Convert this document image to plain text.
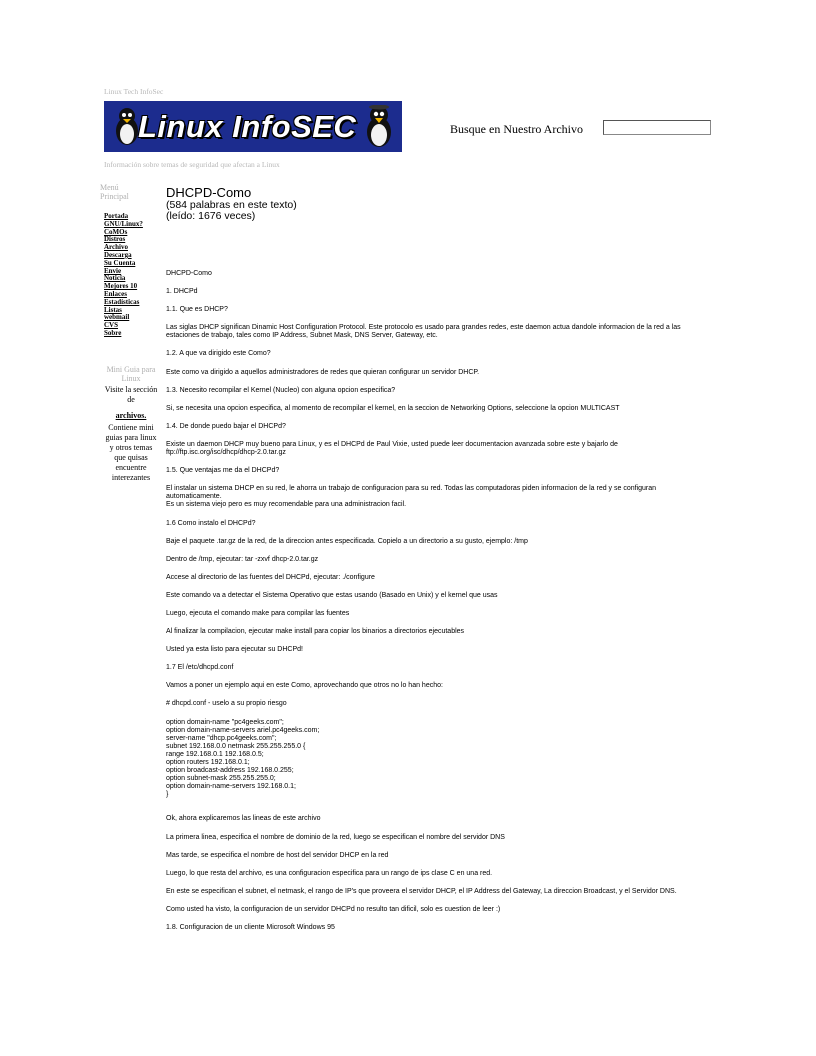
Linux Tech InfoSec
Linux InfoSEC
Información sobre temas de seguridad que afectan a Linux
Busque en Nuestro Archivo
Menú Principal
Portada
GNU/Linux?
CoMOs
Distros
Archivo
Descarga
Su Cuenta
Envie
Noticia
Mejores 10
Enlaces
Estadísticas
Listas
webmail
CVS
Sobre
Mini Guia para Linux
Visite la sección de
archivos.
Contiene mini guias para linux y otros temas que quisas encuentre interezantes
DHCPD-Como
(584 palabras en este texto)
(leído: 1676 veces)

DHCPD-Como

1. DHCPd

1.1. Que es DHCP?

Las siglas DHCP significan Dinamic Host Configuration Protocol. Este protocolo es usado para grandes redes, este daemon actua dandole informacion de la red a las estaciones de trabajo, tales como IP Address, Subnet Mask, DNS Server, Gateway, etc.

1.2. A que va dirigido este Como?

Este como va dirigido a aquellos administradores de redes que quieran configurar un servidor DHCP.

1.3. Necesito recompilar el Kernel (Nucleo) con alguna opcion especifica?

Si, se necesita una opcion especifica, al momento de recompilar el kernel, en la seccion de Networking Options, seleccione la opcion MULTICAST

1.4. De donde puedo bajar el DHCPd?

Existe un daemon DHCP muy bueno para Linux, y es el DHCPd de Paul Vixie, usted puede leer documentacion avanzada sobre este y bajarlo de ftp://ftp.isc.org/isc/dhcp/dhcp-2.0.tar.gz

1.5. Que ventajas me da el DHCPd?

El instalar un sistema DHCP en su red, le ahorra un trabajo de configuracion para su red. Todas las computadoras piden informacion de la red y se configuran automaticamente.
Es un sistema viejo pero es muy recomendable para una administracion facil.

1.6 Como instalo el DHCPd?

Baje el paquete .tar.gz de la red, de la direccion antes especificada. Copielo a un directorio a su gusto, ejemplo: /tmp

Dentro de /tmp, ejecutar: tar -zxvf dhcp-2.0.tar.gz

Accese al directorio de las fuentes del DHCPd, ejecutar: ./configure

Este comando va a detectar el Sistema Operativo que estas usando (Basado en Unix) y el kernel que usas

Luego, ejecuta el comando make para compilar las fuentes

Al finalizar la compilacion, ejecutar make install para copiar los binarios a directorios ejecutables

Usted ya esta listo para ejecutar su DHCPd!

1.7 El /etc/dhcpd.conf

Vamos a poner un ejemplo aqui en este Como, aprovechando que otros no lo han hecho:

# dhcpd.conf - uselo a su propio riesgo

option domain-name "pc4geeks.com";
option domain-name-servers ariel.pc4geeks.com;
server-name "dhcp.pc4geeks.com";
subnet 192.168.0.0 netmask 255.255.255.0 {
range 192.168.0.1 192.168.0.5;
option routers 192.168.0.1;
option broadcast-address 192.168.0.255;
option subnet-mask 255.255.255.0;
option domain-name-servers 192.168.0.1;
}

Ok, ahora explicaremos las lineas de este archivo

La primera linea, especifica el nombre de dominio de la red, luego se especifican el nombre del servidor DNS

Mas tarde, se especifica el nombre de host del servidor DHCP en la red

Luego, lo que resta del archivo, es una configuracion especifica para un rango de ips clase C en una red.

En este se especifican el subnet, el netmask, el rango de IP's que proveera el servidor DHCP, el IP Address del Gateway, La direccion Broadcast, y el Servidor DNS.

Como usted ha visto, la configuracion de un servidor DHCPd no resulto tan dificil, solo es cuestion de leer :)

1.8. Configuracion de un cliente Microsoft Windows 95
